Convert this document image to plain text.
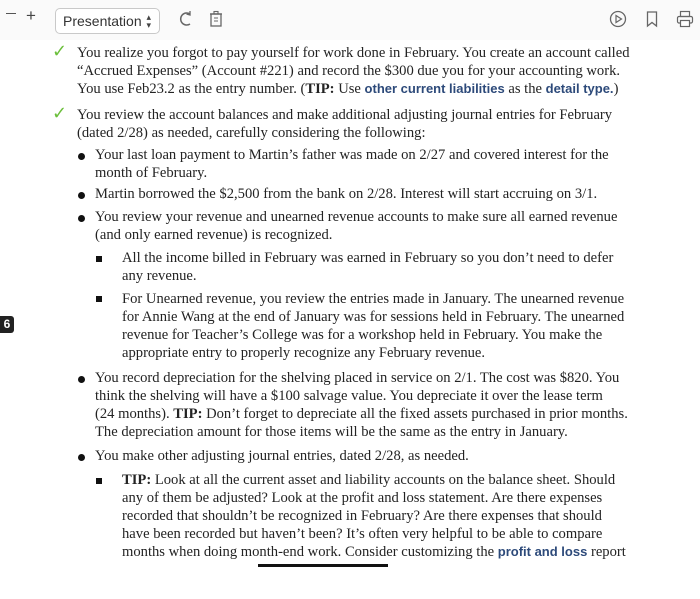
+	Presentation ▴
▾
6
✓ You realize you forgot to pay yourself for work done in February. You create an account called
“Accrued Expenses” (Account #221) and record the $300 due you for your accounting work.
You use Feb23.2 as the entry number. (TIP: Use other current liabilities as the detail type.)
✓ You review the account balances and make additional adjusting journal entries for February
(dated 2/28) as needed, carefully considering the following:
Your last loan payment to Martin’s father was made on 2/27 and covered interest for the
month of February.
Martin borrowed the $2,500 from the bank on 2/28. Interest will start accruing on 3/1.
You review your revenue and unearned revenue accounts to make sure all earned revenue
(and only earned revenue) is recognized.
All the income billed in February was earned in February so you don’t need to defer
any revenue.
For Unearned revenue, you review the entries made in January. The unearned revenue
for Annie Wang at the end of January was for sessions held in February. The unearned
revenue for Teacher’s College was for a workshop held in February. You make the
appropriate entry to properly recognize any February revenue.
You record depreciation for the shelving placed in service on 2/1. The cost was $820. You
think the shelving will have a $100 salvage value. You depreciate it over the lease term
(24 months). TIP: Don’t forget to depreciate all the fixed assets purchased in prior months.
The depreciation amount for those items will be the same as the entry in January.
You make other adjusting journal entries, dated 2/28, as needed.
TIP: Look at all the current asset and liability accounts on the balance sheet. Should
any of them be adjusted? Look at the profit and loss statement. Are there expenses
recorded that shouldn’t be recognized in February? Are there expenses that should
have been recorded but haven’t been? It’s often very helpful to be able to compare
months when doing month-end work. Consider customizing the profit and loss report
